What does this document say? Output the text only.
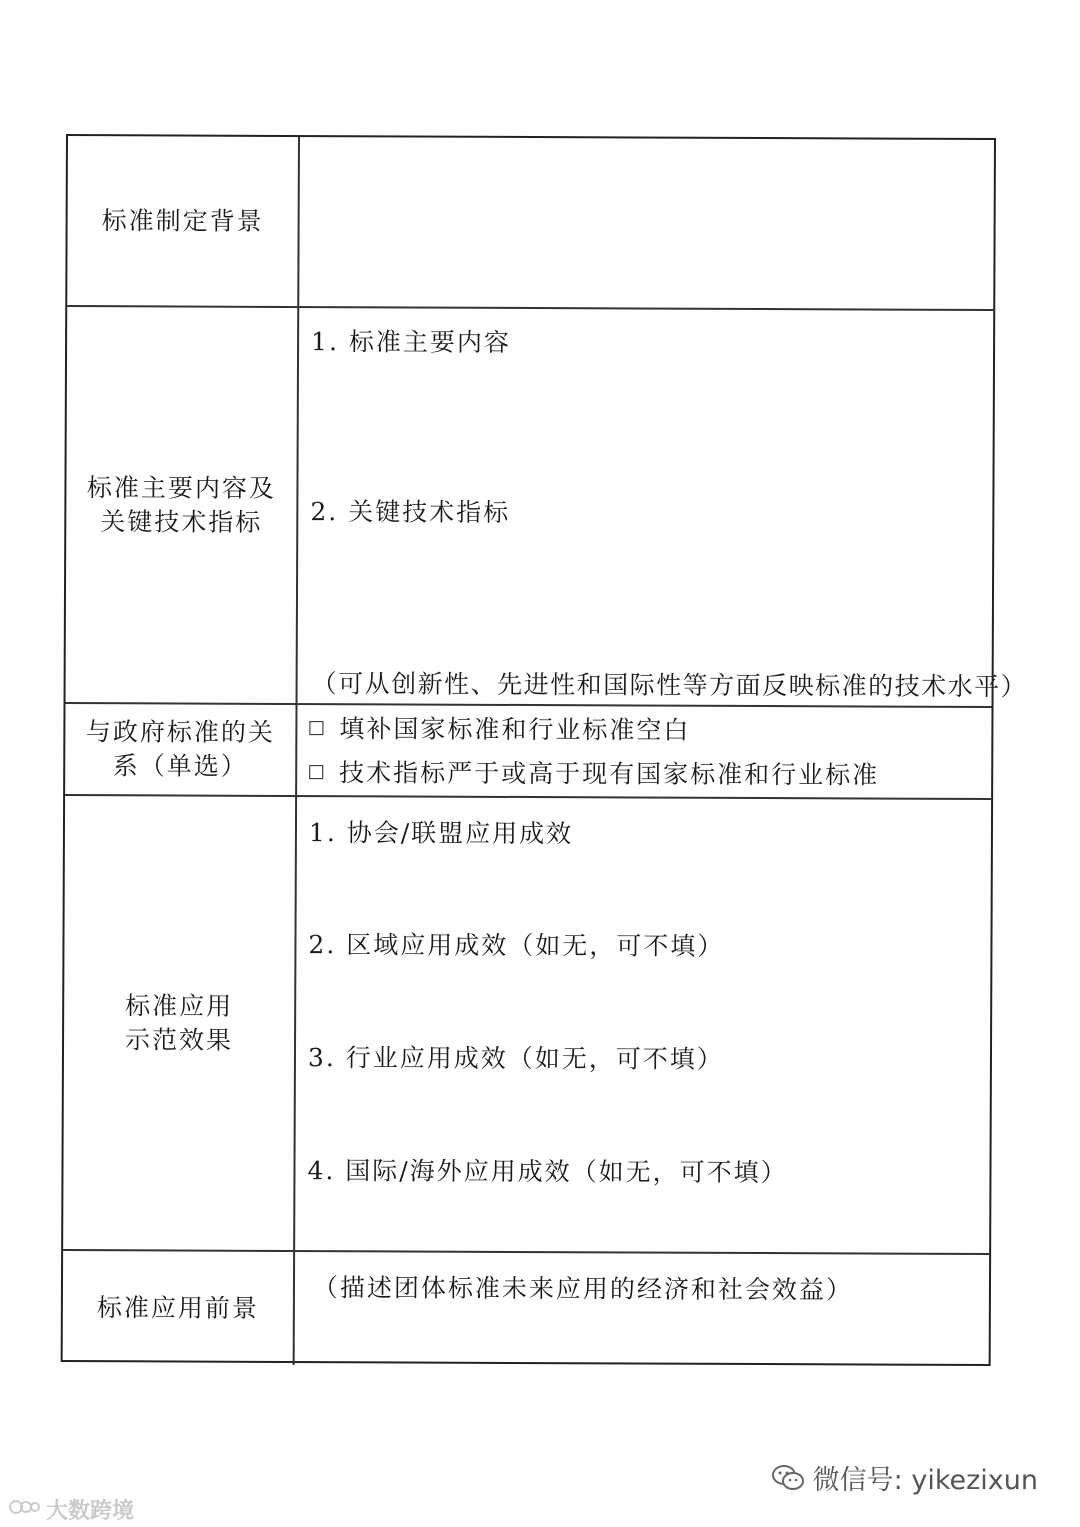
标准制定背景
标准主要内容及关键技术指标
1. 标准主要内容
2. 关键技术指标
（可从创新性、先进性和国际性等方面反映标准的技术水平）
与政府标准的关系（单选）
填补国家标准和行业标准空白
技术指标严于或高于现有国家标准和行业标准
标准应用示范效果
1. 协会/联盟应用成效
2. 区域应用成效（如无，可不填）
3. 行业应用成效（如无，可不填）
4. 国际/海外应用成效（如无，可不填）
标准应用前景
（描述团体标准未来应用的经济和社会效益）
微信号: yikezixun
大数跨境
